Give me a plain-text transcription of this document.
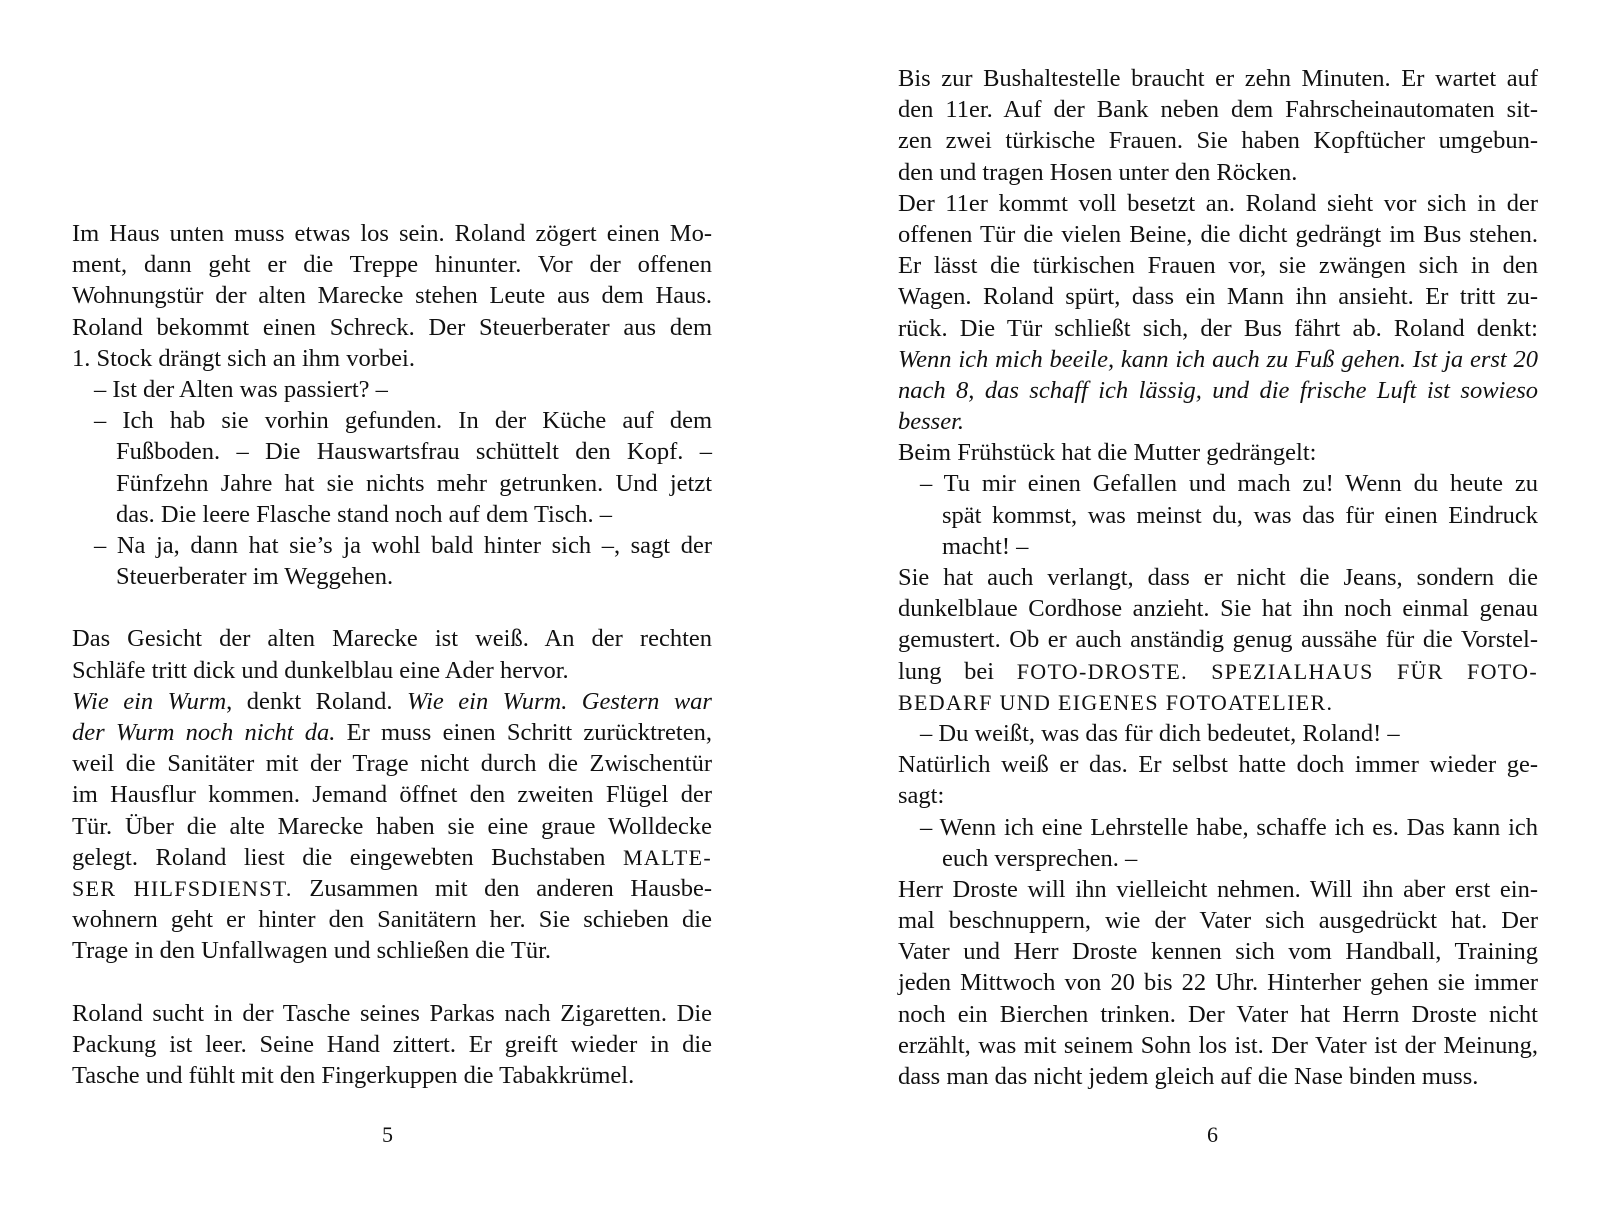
Im Haus unten muss etwas los sein. Roland zögert einen Mo-
ment, dann geht er die Treppe hinunter. Vor der offenen
Wohnungstür der alten Marecke stehen Leute aus dem Haus.
Roland bekommt einen Schreck. Der Steuerberater aus dem
1. Stock drängt sich an ihm vorbei.
– Ist der Alten was passiert? –
– Ich hab sie vorhin gefunden. In der Küche auf dem
Fußboden. – Die Hauswartsfrau schüttelt den Kopf. –
Fünfzehn Jahre hat sie nichts mehr getrunken. Und jetzt
das. Die leere Flasche stand noch auf dem Tisch. –
– Na ja, dann hat sie’s ja wohl bald hinter sich –, sagt der
Steuerberater im Weggehen.
Das Gesicht der alten Marecke ist weiß. An der rechten
Schläfe tritt dick und dunkelblau eine Ader hervor.
Wie ein Wurm, denkt Roland. Wie ein Wurm. Gestern war
der Wurm noch nicht da. Er muss einen Schritt zurücktreten,
weil die Sanitäter mit der Trage nicht durch die Zwischentür
im Hausflur kommen. Jemand öffnet den zweiten Flügel der
Tür. Über die alte Marecke haben sie eine graue Wolldecke
gelegt. Roland liest die eingewebten Buchstaben MALTE-
SER HILFSDIENST. Zusammen mit den anderen Hausbe-
wohnern geht er hinter den Sanitätern her. Sie schieben die
Trage in den Unfallwagen und schließen die Tür.
Roland sucht in der Tasche seines Parkas nach Zigaretten. Die
Packung ist leer. Seine Hand zittert. Er greift wieder in die
Tasche und fühlt mit den Fingerkuppen die Tabakkrümel.
5
Bis zur Bushaltestelle braucht er zehn Minuten. Er wartet auf
den 11er. Auf der Bank neben dem Fahrscheinautomaten sit-
zen zwei türkische Frauen. Sie haben Kopftücher umgebun-
den und tragen Hosen unter den Röcken.
Der 11er kommt voll besetzt an. Roland sieht vor sich in der
offenen Tür die vielen Beine, die dicht gedrängt im Bus stehen.
Er lässt die türkischen Frauen vor, sie zwängen sich in den
Wagen. Roland spürt, dass ein Mann ihn ansieht. Er tritt zu-
rück. Die Tür schließt sich, der Bus fährt ab. Roland denkt:
Wenn ich mich beeile, kann ich auch zu Fuß gehen. Ist ja erst 20
nach 8, das schaff ich lässig, und die frische Luft ist sowieso
besser.
Beim Frühstück hat die Mutter gedrängelt:
– Tu mir einen Gefallen und mach zu! Wenn du heute zu
spät kommst, was meinst du, was das für einen Eindruck
macht! –
Sie hat auch verlangt, dass er nicht die Jeans, sondern die
dunkelblaue Cordhose anzieht. Sie hat ihn noch einmal genau
gemustert. Ob er auch anständig genug aussähe für die Vorstel-
lung bei FOTO-DROSTE. SPEZIALHAUS FÜR FOTO-
BEDARF UND EIGENES FOTOATELIER.
– Du weißt, was das für dich bedeutet, Roland! –
Natürlich weiß er das. Er selbst hatte doch immer wieder ge-
sagt:
– Wenn ich eine Lehrstelle habe, schaffe ich es. Das kann ich
euch versprechen. –
Herr Droste will ihn vielleicht nehmen. Will ihn aber erst ein-
mal beschnuppern, wie der Vater sich ausgedrückt hat. Der
Vater und Herr Droste kennen sich vom Handball, Training
jeden Mittwoch von 20 bis 22 Uhr. Hinterher gehen sie immer
noch ein Bierchen trinken. Der Vater hat Herrn Droste nicht
erzählt, was mit seinem Sohn los ist. Der Vater ist der Meinung,
dass man das nicht jedem gleich auf die Nase binden muss.
6
